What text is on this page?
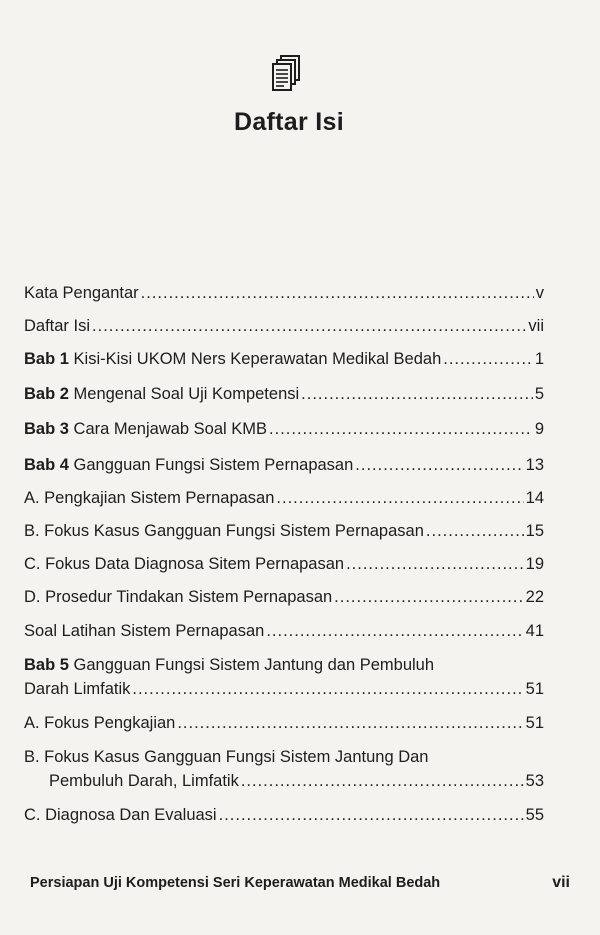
Daftar Isi
Kata Pengantar .....	v
Daftar Isi .....	vii
Bab 1 Kisi-Kisi UKOM Ners Keperawatan Medikal Bedah .....	1
Bab 2 Mengenal Soal Uji Kompetensi .....	5
Bab 3 Cara Menjawab Soal KMB .....	9
Bab 4 Gangguan Fungsi Sistem Pernapasan .....	13
A. Pengkajian Sistem Pernapasan .....	14
B. Fokus Kasus Gangguan Fungsi Sistem Pernapasan .....	15
C. Fokus Data Diagnosa Sitem Pernapasan .....	19
D. Prosedur Tindakan Sistem Pernapasan .....	22
Soal Latihan Sistem Pernapasan .....	41
Bab 5 Gangguan Fungsi Sistem Jantung dan Pembuluh
Darah Limfatik .....	51
A. Fokus Pengkajian .....	51
B. Fokus Kasus Gangguan Fungsi Sistem Jantung Dan
Pembuluh Darah, Limfatik .....	53
C. Diagnosa Dan Evaluasi .....	55
Persiapan Uji Kompetensi Seri Keperawatan Medikal Bedah	vii
